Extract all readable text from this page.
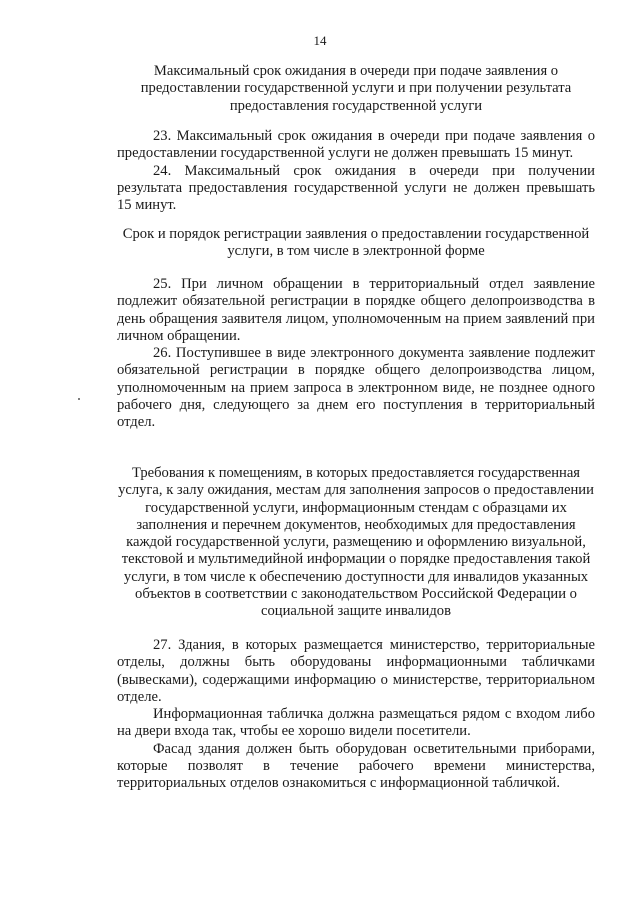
14

Максимальный срок ожидания в очереди при подаче заявления о предоставлении государственной услуги и при получении результата предоставления государственной услуги

23. Максимальный срок ожидания в очереди при подаче заявления о предоставлении государственной услуги не должен превышать 15 минут.

24. Максимальный срок ожидания в очереди при получении результата предоставления государственной услуги не должен превышать 15 минут.

Срок и порядок регистрации заявления о предоставлении государственной услуги, в том числе в электронной форме

25. При личном обращении в территориальный отдел заявление подлежит обязательной регистрации в порядке общего делопроизводства в день обращения заявителя лицом, уполномоченным на прием заявлений при личном обращении.

26. Поступившее в виде электронного документа заявление подлежит обязательной регистрации в порядке общего делопроизводства лицом, уполномоченным на прием запроса в электронном виде, не позднее одного рабочего дня, следующего за днем его поступления в территориальный отдел.

Требования к помещениям, в которых предоставляется государственная услуга, к залу ожидания, местам для заполнения запросов о предоставлении государственной услуги, информационным стендам с образцами их заполнения и перечнем документов, необходимых для предоставления каждой государственной услуги, размещению и оформлению визуальной, текстовой и мультимедийной информации о порядке предоставления такой услуги, в том числе к обеспечению доступности для инвалидов указанных объектов в соответствии с законодательством Российской Федерации о социальной защите инвалидов

27. Здания, в которых размещается министерство, территориальные отделы, должны быть оборудованы информационными табличками (вывесками), содержащими информацию о министерстве, территориальном отделе.

Информационная табличка должна размещаться рядом с входом либо на двери входа так, чтобы ее хорошо видели посетители.

Фасад здания должен быть оборудован осветительными приборами, которые позволят в течение рабочего времени министерства, территориальных отделов ознакомиться с информационной табличкой.
